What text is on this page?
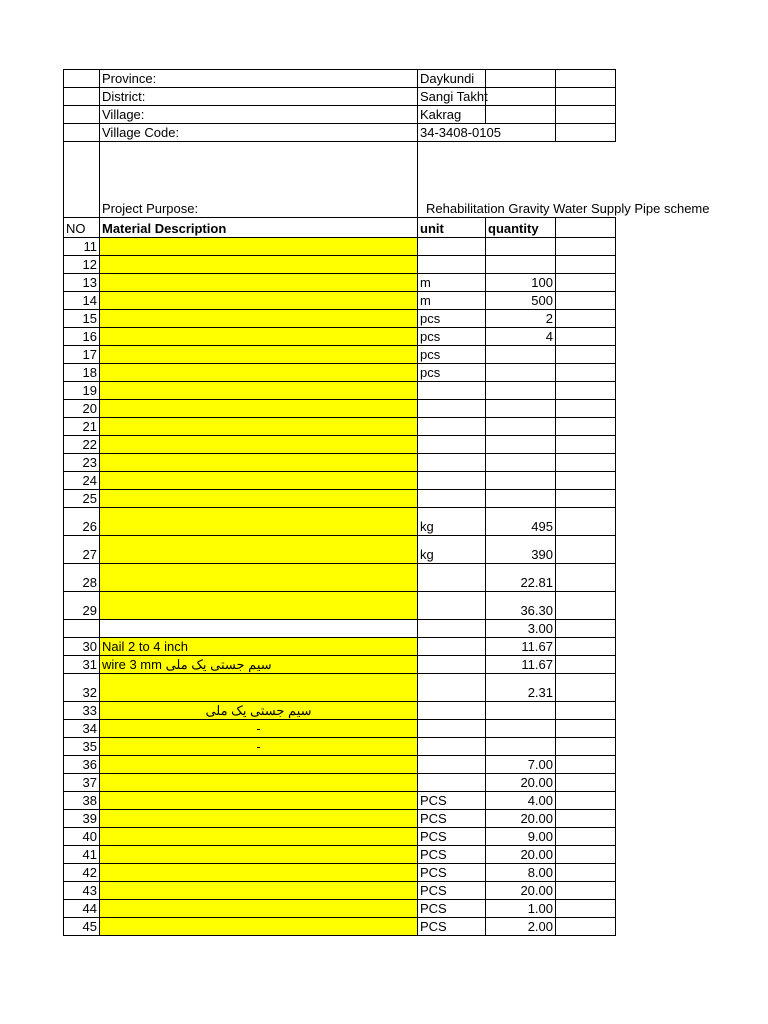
	Province:	Daykundi		
	District:	Sangi Takht		
	Village:	Kakrag		
	Village Code:	34-3408-0105		
	Project Purpose:	Rehabilitation Gravity Water Supply Pipe scheme		
NO	Material Description	unit	quantity	
11				
12				
13		m	100	
14		m	500	
15		pcs	2	
16		pcs	4	
17		pcs		
18		pcs		
19				
20				
21				
22				
23				
24				
25				
26		kg	495	
27		kg	390	
28			22.81	
29			36.30	
			3.00	
30	Nail 2 to 4 inch		11.67	
31	wire 3 mm سیم جستی یک ملی		11.67	
32			2.31	
33	سیم جستی یک ملی			
34	-			
35	-			
36			7.00	
37			20.00	
38		PCS	4.00	
39		PCS	20.00	
40		PCS	9.00	
41		PCS	20.00	
42		PCS	8.00	
43		PCS	20.00	
44		PCS	1.00	
45		PCS	2.00	
